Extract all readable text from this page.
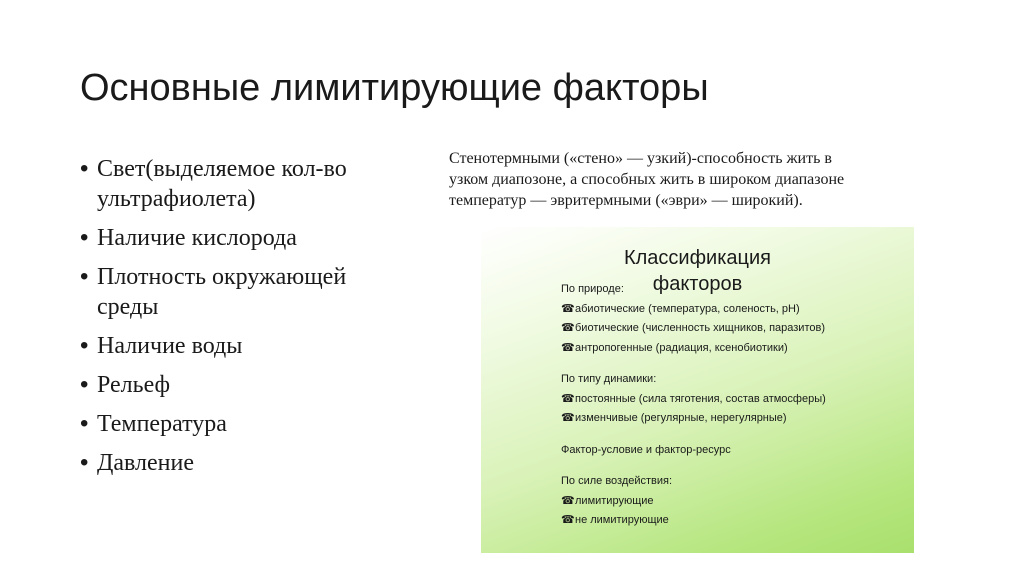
Основные лимитирующие факторы
• Свет(выделяемое кол-во ультрафиолета)
• Наличие кислорода
• Плотность окружающей среды
• Наличие воды
• Рельеф
• Температура
• Давление

Стенотермными («стено» — узкий)-способность жить в
узком диапозоне, а способных жить в широком диапазоне
температур — эвритермными («эври» — широкий).

Классификация
факторов
По природе:
☎абиотические (температура, соленость, pH)
☎биотические (численность хищников, паразитов)
☎антропогенные (радиация, ксенобиотики)
По типу динамики:
☎постоянные (сила тяготения, состав атмосферы)
☎изменчивые (регулярные, нерегулярные)
Фактор-условие и фактор-ресурс
По силе воздействия:
☎лимитирующие
☎не лимитирующие
